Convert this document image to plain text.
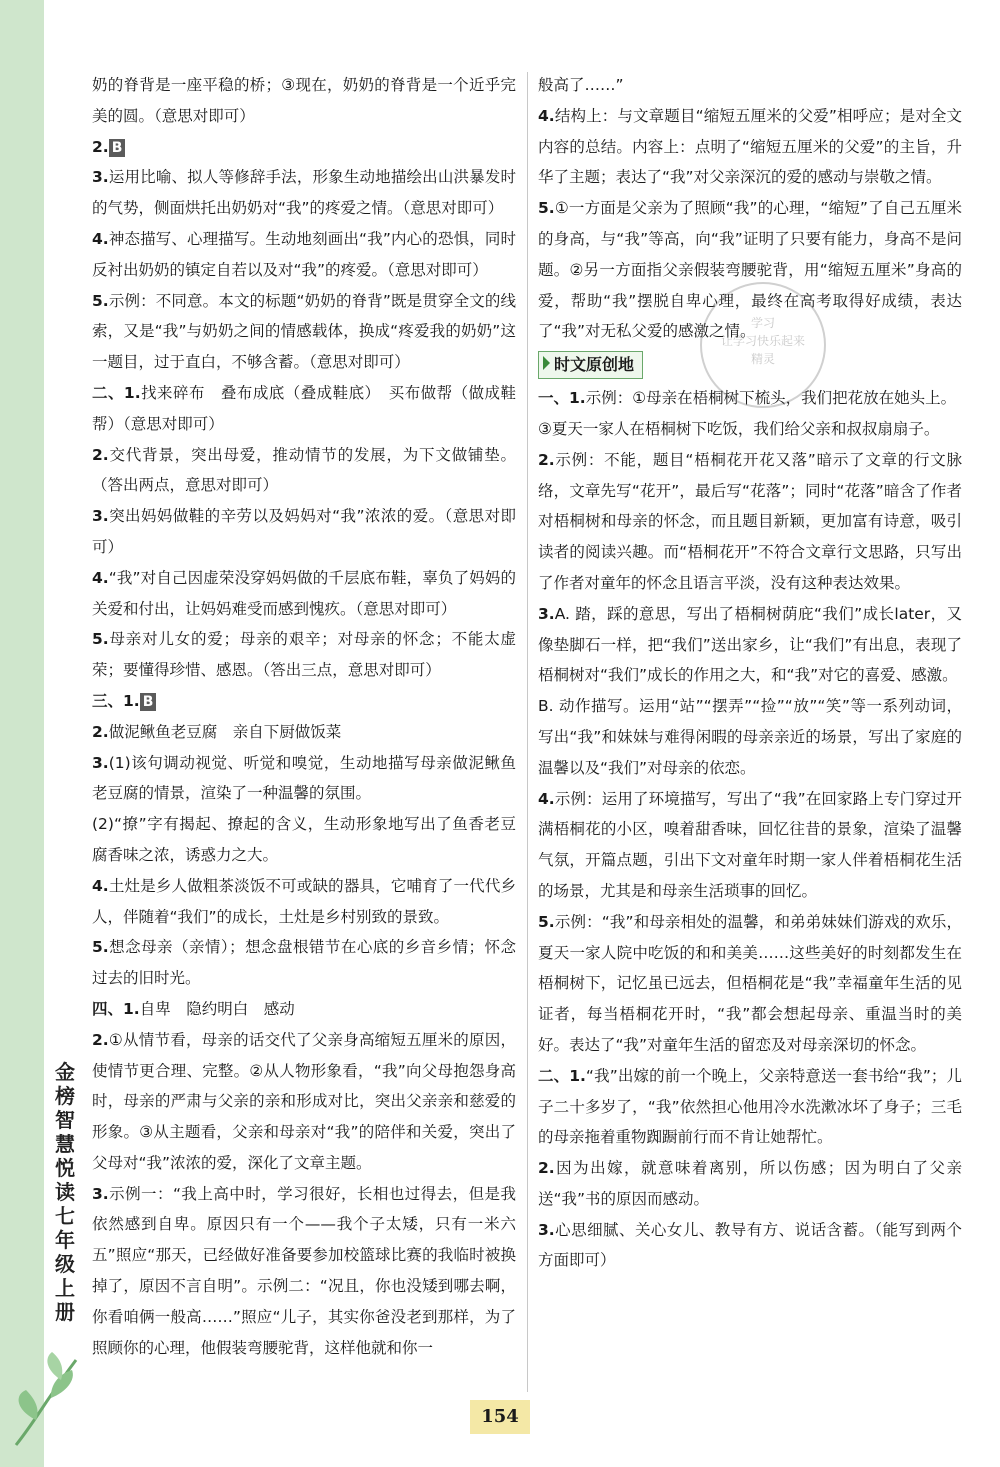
金榜智慧
悦
读
七年级上册

奶的脊背是一座平稳的桥；③现在，奶奶的脊背是一个近乎完美的圆。（意思对即可）

2. B

3.运用比喻、拟人等修辞手法，形象生动地描绘出山洪暴发时的气势，侧面烘托出奶奶对“我”的疼爱之情。（意思对即可）

4.神态描写、心理描写。生动地刻画出“我”内心的恐惧，同时反衬出奶奶的镇定自若以及对“我”的疼爱。（意思对即可）

5.示例：不同意。本文的标题“奶奶的脊背”既是贯穿全文的线索，又是“我”与奶奶之间的情感载体，换成“疼爱我的奶奶”这一题目，过于直白，不够含蓄。（意思对即可）

二、1.找来碎布　叠布成底（叠成鞋底）　买布做帮（做成鞋帮）（意思对即可）

2.交代背景，突出母爱，推动情节的发展，为下文做铺垫。（答出两点，意思对即可）

3.突出妈妈做鞋的辛劳以及妈妈对“我”浓浓的爱。（意思对即可）

4.“我”对自己因虚荣没穿妈妈做的千层底布鞋，辜负了妈妈的关爱和付出，让妈妈难受而感到愧疚。（意思对即可）

5.母亲对儿女的爱；母亲的艰辛；对母亲的怀念；不能太虚荣；要懂得珍惜、感恩。（答出三点，意思对即可）

三、1. B

2.做泥鳅鱼老豆腐　亲自下厨做饭菜

3.(1)该句调动视觉、听觉和嗅觉，生动地描写母亲做泥鳅鱼老豆腐的情景，渲染了一种温馨的氛围。

(2)“撩”字有揭起、撩起的含义，生动形象地写出了鱼香老豆腐香味之浓，诱惑力之大。

4.土灶是乡人做粗茶淡饭不可或缺的器具，它哺育了一代代乡人，伴随着“我们”的成长，土灶是乡村别致的景致。

5.想念母亲（亲情）；想念盘根错节在心底的乡音乡情；怀念过去的旧时光。

四、1.自卑　隐约明白　感动

2.①从情节看，母亲的话交代了父亲身高缩短五厘米的原因，使情节更合理、完整。②从人物形象看，“我”向父母抱怨身高时，母亲的严肃与父亲的亲和形成对比，突出父亲亲和慈爱的形象。③从主题看，父亲和母亲对“我”的陪伴和关爱，突出了父母对“我”浓浓的爱，深化了文章主题。

3.示例一：“我上高中时，学习很好，长相也过得去，但是我依然感到自卑。原因只有一个——我个子太矮，只有一米六五”照应“那天，已经做好准备要参加校篮球比赛的我临时被换掉了，原因不言自明”。示例二：“况且，你也没矮到哪去啊，你看咱俩一般高……”照应“儿子，其实你爸没老到那样，为了照顾你的心理，他假装弯腰驼背，这样他就和你一

般高了……”

4.结构上：与文章题目“缩短五厘米的父爱”相呼应；是对全文内容的总结。内容上：点明了“缩短五厘米的父爱”的主旨，升华了主题；表达了“我”对父亲深沉的爱的感动与崇敬之情。

5.①一方面是父亲为了照顾“我”的心理，“缩短”了自己五厘米的身高，与“我”等高，向“我”证明了只要有能力，身高不是问题。②另一方面指父亲假装弯腰驼背，用“缩短五厘米”身高的爱，帮助“我”摆脱自卑心理，最终在高考取得好成绩，表达了“我”对无私父爱的感激之情。

时文原创地

一、1.示例：①母亲在梧桐树下梳头，我们把花放在她头上。

③夏天一家人在梧桐树下吃饭，我们给父亲和叔叔扇扇子。

2.示例：不能，题目“梧桐花开花又落”暗示了文章的行文脉络，文章先写“花开”，最后写“花落”；同时“花落”暗含了作者对梧桐树和母亲的怀念，而且题目新颖，更加富有诗意，吸引读者的阅读兴趣。而“梧桐花开”不符合文章行文思路，只写出了作者对童年的怀念且语言平淡，没有这种表达效果。

3.A. 踏，踩的意思，写出了梧桐树荫庇“我们”成长later，又像垫脚石一样，把“我们”送出家乡，让“我们”有出息，表现了梧桐树对“我们”成长的作用之大，和“我”对它的喜爱、感激。

B. 动作描写。运用“站”“摆弄”“捡”“放”“笑”等一系列动词，写出“我”和妹妹与难得闲暇的母亲亲近的场景，写出了家庭的温馨以及“我们”对母亲的依恋。

4.示例：运用了环境描写，写出了“我”在回家路上专门穿过开满梧桐花的小区，嗅着甜香味，回忆往昔的景象，渲染了温馨气氛，开篇点题，引出下文对童年时期一家人伴着梧桐花生活的场景，尤其是和母亲生活琐事的回忆。

5.示例：“我”和母亲相处的温馨，和弟弟妹妹们游戏的欢乐，夏天一家人院中吃饭的和和美美……这些美好的时刻都发生在梧桐树下，记忆虽已远去，但梧桐花是“我”幸福童年生活的见证者，每当梧桐花开时，“我”都会想起母亲、重温当时的美好。表达了“我”对童年生活的留恋及对母亲深切的怀念。

二、1.“我”出嫁的前一个晚上，父亲特意送一套书给“我”；儿子二十多岁了，“我”依然担心他用冷水洗漱冰坏了身子；三毛的母亲拖着重物踟蹰前行而不肯让她帮忙。

2.因为出嫁，就意味着离别，所以伤感；因为明白了父亲送“我”书的原因而感动。

3.心思细腻、关心女儿、教导有方、说话含蓄。（能写到两个方面即可）

学习
让学习快乐起来
精灵
154
